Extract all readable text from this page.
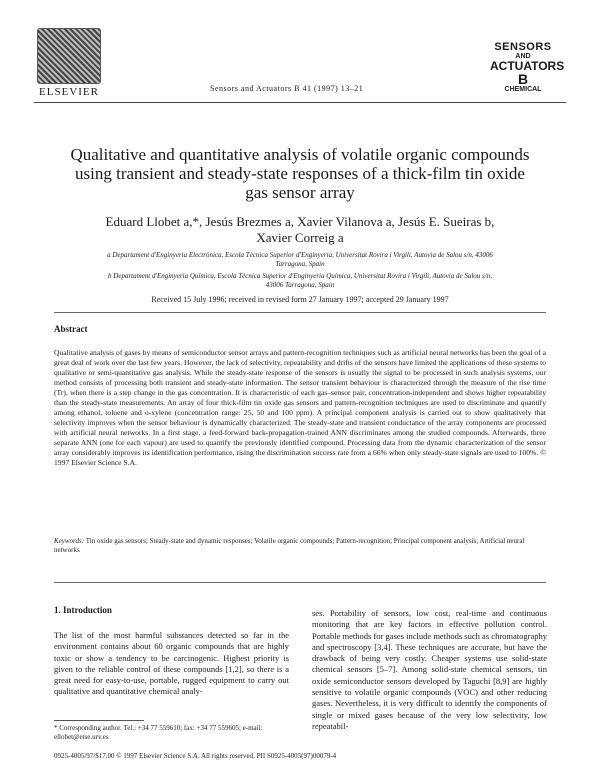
ELSEVIER	Sensors and Actuators B 41 (1997) 13–21
SENSORS
AND
ACTUATORS
B
CHEMICAL
Qualitative and quantitative analysis of volatile organic compounds using transient and steady-state responses of a thick-film tin oxide gas sensor array
Eduard Llobet a,*, Jesús Brezmes a, Xavier Vilanova a, Jesús E. Sueiras b, Xavier Correig a
a Departament d'Enginyeria Electrònica, Escola Tècnica Superior d'Enginyeria, Universitat Rovira i Virgili, Autovia de Salou s/n, 43006 Tarragona, Spain
b Departament d'Enginyeria Química, Escola Tècnica Superior d'Enginyeria Química, Universitat Rovira i Virgili, Autovia de Salou s/n, 43006 Tarragona, Spain
Received 15 July 1996; received in revised form 27 January 1997; accepted 29 January 1997
Abstract

Qualitative analysis of gases by means of semiconductor sensor arrays and pattern-recognition techniques such as artificial neural networks has been the goal of a great deal of work over the last few years. However, the lack of selectivity, repeatability and drifts of the sensors have limited the applications of these systems to qualitative or semi-quantitative gas analysis. While the steady-state response of the sensors is usually the signal to be processed in such analysis systems, our method consists of processing both transient and steady-state information. The sensor transient behaviour is characterized through the measure of the rise time (Tr), when there is a step change in the gas concentration. It is characteristic of each gas–sensor pair, concentration-independent and shows higher repeatability than the steady-state measurements. An array of four thick-film tin oxide gas sensors and pattern-recognition techniques are used to discriminate and quantify among ethanol, toluene and o-xylene (concentration range: 25, 50 and 100 ppm). A principal component analysis is carried out to show qualitatively that selectivity improves when the sensor behaviour is dynamically characterized. The steady-state and transient conductance of the array components are processed with artificial neural networks. In a first stage, a feed-forward back-propagation-trained ANN discriminates among the studied compounds. Afterwards, three separate ANN (one for each vapour) are used to quantify the previously identified compound. Processing data from the dynamic characterization of the sensor array considerably improves its identification performance, rising the discrimination success rate from a 66% when only steady-state signals are used to 100%. © 1997 Elsevier Science S.A.

Keywords: Tin oxide gas sensors; Steady-state and dynamic responses; Volatile organic compounds; Pattern-recognition; Principal component analysis; Artificial neural networks

1. Introduction

The list of the most harmful substances detected so far in the environment contains about 60 organic compounds that are highly toxic or show a tendency to be carcinogenic. Highest priority is given to the reliable control of these compounds [1,2], so there is a great need for easy-to-use, portable, rugged equipment to carry out qualitative and quantitative chemical analy-

ses. Portability of sensors, low cost, real-time and continuous monitoring that are key factors in effective pollution control. Portable methods for gases include methods such as chromatography and spectroscopy [3,4]. These techniques are accurate, but have the drawback of being very costly. Cheaper systems use solid-state chemical sensors [5–7]. Among solid-state chemical sensors, tin oxide semiconductor sensors developed by Taguchi [8,9] are highly sensitive to volatile organic compounds (VOC) and other reducing gases. Nevertheless, it is very difficult to identify the components of single or mixed gases because of the very low selectivity, low repeatabil-

* Corresponding author. Tel.: +34 77 559610; fax: +34 77 559605; e-mail: ellobet@etse.urv.es
0925-4005/97/$17.00 © 1997 Elsevier Science S.A. All rights reserved. PII S0925-4005(97)00079-4
